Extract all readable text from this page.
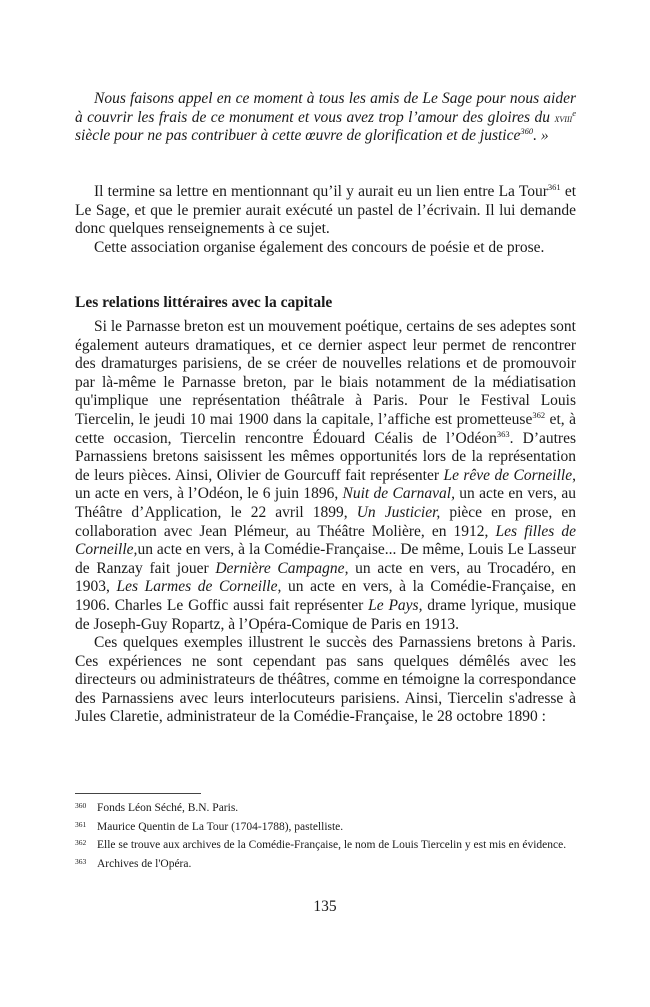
Nous faisons appel en ce moment à tous les amis de Le Sage pour nous aider à couvrir les frais de ce monument et vous avez trop l’amour des gloires du xviii$^e$ siècle pour ne pas contribuer à cette œuvre de glorification et de justice$^{360}$. »

Il termine sa lettre en mentionnant qu’il y aurait eu un lien entre La Tour$^{361}$ et Le Sage, et que le premier aurait exécuté un pastel de l’écrivain. Il lui demande donc quelques renseignements à ce sujet.

Cette association organise également des concours de poésie et de prose.

Les relations littéraires avec la capitale

Si le Parnasse breton est un mouvement poétique, certains de ses adeptes sont également auteurs dramatiques, et ce dernier aspect leur permet de rencontrer des dramaturges parisiens, de se créer de nouvelles relations et de promouvoir par là-même le Parnasse breton, par le biais notamment de la médiatisation qu'implique une représentation théâtrale à Paris. Pour le Festival Louis Tiercelin, le jeudi 10 mai 1900 dans la capitale, l’affiche est prometteuse$^{362}$ et, à cette occasion, Tiercelin rencontre Édouard Céalis de l’Odéon$^{363}$. D’autres Parnassiens bretons saisissent les mêmes opportunités lors de la représentation de leurs pièces. Ainsi, Olivier de Gourcuff fait représenter Le rêve de Corneille, un acte en vers, à l’Odéon, le 6 juin 1896, Nuit de Carnaval, un acte en vers, au Théâtre d’Application, le 22 avril 1899, Un Justicier, pièce en prose, en collaboration avec Jean Plémeur, au Théâtre Molière, en 1912, Les filles de Corneille,un acte en vers, à la Comédie-Française... De même, Louis Le Lasseur de Ranzay fait jouer Dernière Campagne, un acte en vers, au Trocadéro, en 1903, Les Larmes de Corneille, un acte en vers, à la Comédie-Française, en 1906. Charles Le Goffic aussi fait représenter Le Pays, drame lyrique, musique de Joseph-Guy Ropartz, à l’Opéra-Comique de Paris en 1913.

Ces quelques exemples illustrent le succès des Parnassiens bretons à Paris. Ces expériences ne sont cependant pas sans quelques démêlés avec les directeurs ou administrateurs de théâtres, comme en témoigne la correspondance des Parnassiens avec leurs interlocuteurs parisiens. Ainsi, Tiercelin s'adresse à Jules Claretie, administrateur de la Comédie-Française, le 28 octobre 1890 :

360 Fonds Léon Séché, B.N. Paris.

361 Maurice Quentin de La Tour (1704-1788), pastelliste.

362 Elle se trouve aux archives de la Comédie-Française, le nom de Louis Tiercelin y est mis en évidence.

363 Archives de l'Opéra.

135
